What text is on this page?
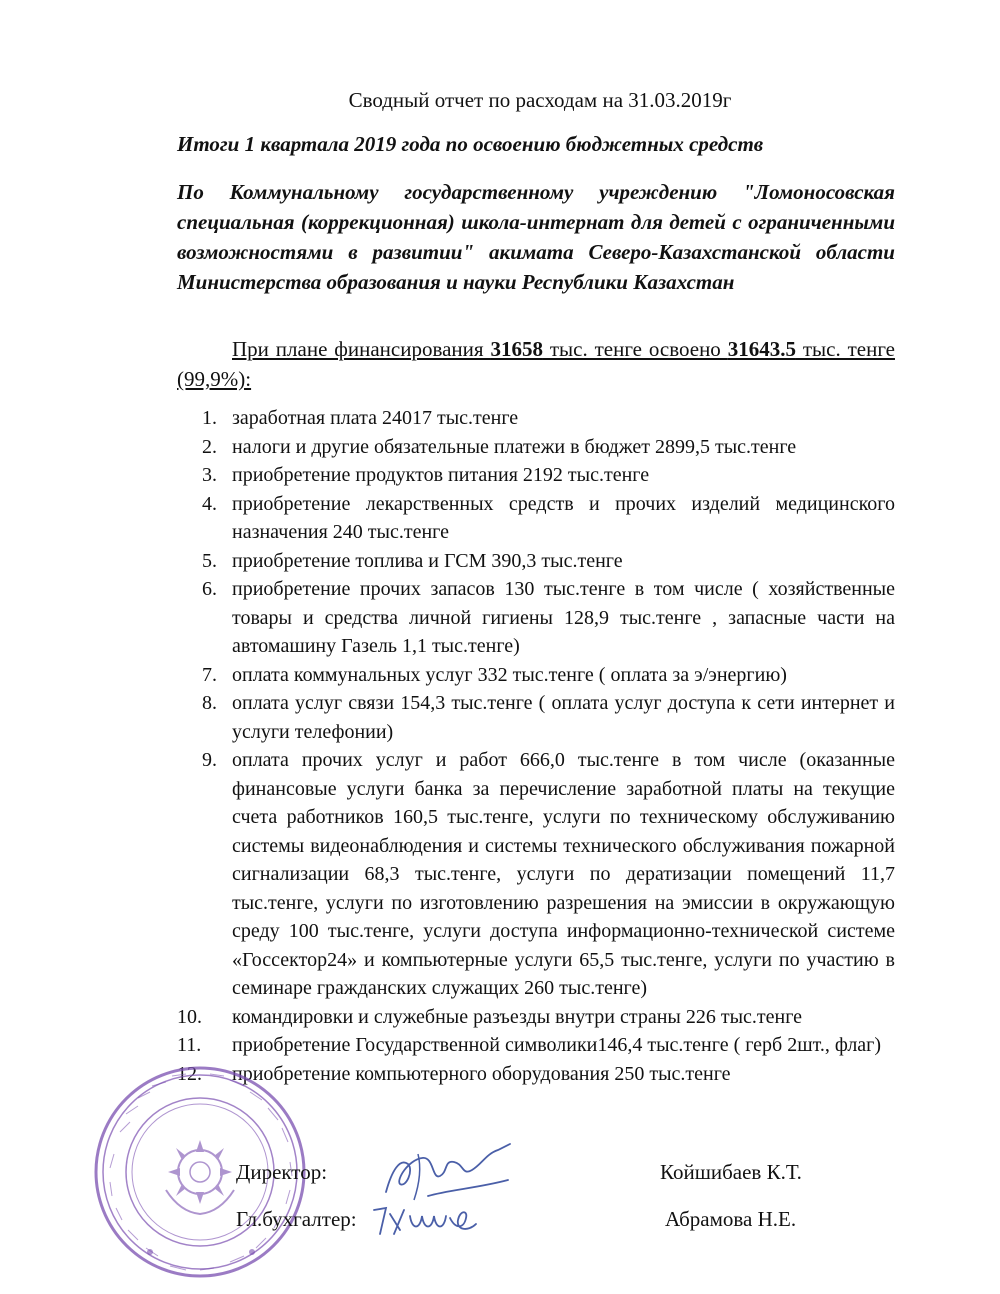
Сводный отчет по расходам на 31.03.2019г
Итоги 1 квартала 2019 года по освоению бюджетных средств
По Коммунальному государственному учреждению "Ломоносовская специальная (коррекционная) школа-интернат для детей с ограниченными возможностями в развитии" акимата Северо-Казахстанской области Министерства образования и науки Республики Казахстан
При плане финансирования 31658 тыс. тенге освоено 31643.5 тыс. тенге (99,9%):
1. заработная плата 24017 тыс.тенге
2. налоги и другие обязательные платежи в бюджет 2899,5 тыс.тенге
3. приобретение продуктов питания 2192 тыс.тенге
4. приобретение лекарственных средств и прочих изделий медицинского назначения 240 тыс.тенге
5. приобретение топлива и ГСМ 390,3 тыс.тенге
6. приобретение прочих запасов 130 тыс.тенге в том числе ( хозяйственные товары и средства личной гигиены 128,9 тыс.тенге , запасные части на автомашину Газель 1,1 тыс.тенге)
7. оплата коммунальных услуг 332 тыс.тенге ( оплата за э/энергию)
8. оплата услуг связи 154,3 тыс.тенге ( оплата услуг доступа к сети интернет и услуги телефонии)
9. оплата прочих услуг и работ 666,0 тыс.тенге в том числе (оказанные финансовые услуги банка за перечисление заработной платы на текущие счета работников 160,5 тыс.тенге, услуги по техническому обслуживанию системы видеонаблюдения и системы технического обслуживания пожарной сигнализации 68,3 тыс.тенге, услуги по дератизации помещений 11,7 тыс.тенге, услуги по изготовлению разрешения на эмиссии в окружающую среду 100 тыс.тенге, услуги доступа информационно-технической системе «Госсектор24» и компьютерные услуги 65,5 тыс.тенге, услуги по участию в семинаре гражданских служащих 260 тыс.тенге)
10. командировки и служебные разъезды внутри страны 226 тыс.тенге
11. приобретение Государственной символики146,4 тыс.тенге ( герб 2шт., флаг)
12. приобретение компьютерного оборудования 250 тыс.тенге
Директор:	Койшибаев К.Т.
Гл.бухгалтер:	Абрамова Н.Е.
